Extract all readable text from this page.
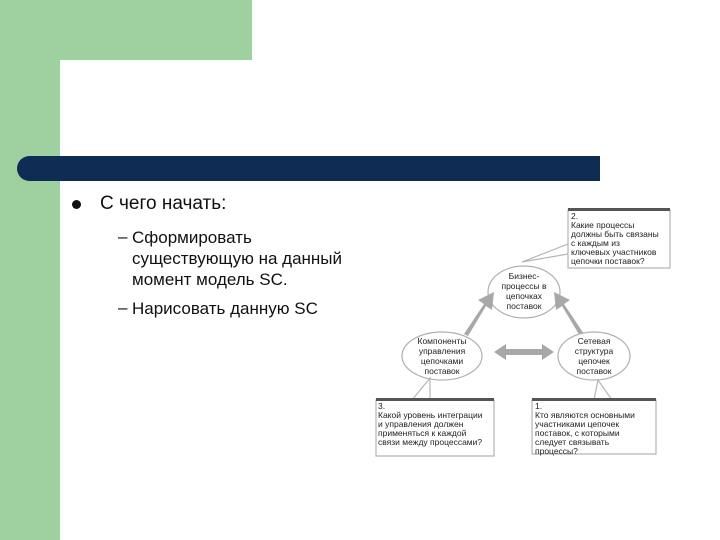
С чего начать:
– Сформировать существующую на данный момент модель SC.
– Нарисовать данную SC
2.
Какие процессы
должны быть связаны
с каждым из
ключевых участников
цепочки поставок?
Бизнес-
процессы в
цепочках
поставок
Компоненты
управления
цепочками
поставок
Сетевая
структура
цепочек
поставок
3.
Какой уровень интеграции
и управления должен
применяться к каждой
связи между процессами?
1.
Кто являются основными
участниками цепочек
поставок, с которыми
следует связывать
процессы?
